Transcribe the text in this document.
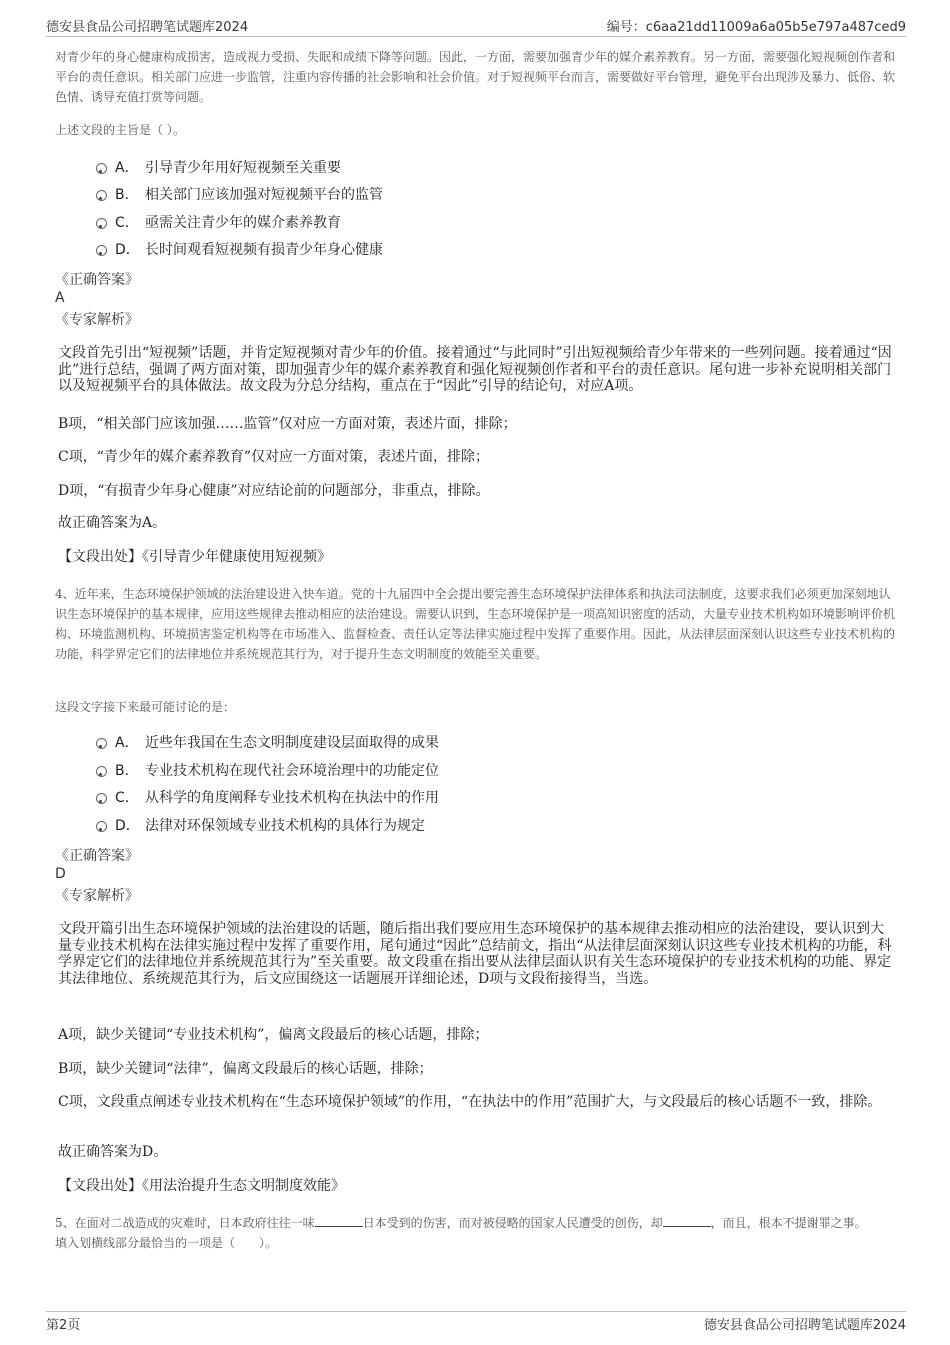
德安县食品公司招聘笔试题库2024	编号：c6aa21dd11009a6a05b5e797a487ced9

对青少年的身心健康构成损害，造成视力受损、失眠和成绩下降等问题。因此，一方面，需要加强青少年的媒介素养教育。另一方面，需要强化短视频创作者和平台的责任意识。相关部门应进一步监管，注重内容传播的社会影响和社会价值。对于短视频平台而言，需要做好平台管理，避免平台出现涉及暴力、低俗、软色情、诱导充值打赏等问题。

上述文段的主旨是（ ）。

A． 引导青少年用好短视频至关重要
B． 相关部门应该加强对短视频平台的监管
C． 亟需关注青少年的媒介素养教育
D． 长时间观看短视频有损青少年身心健康

《正确答案》

A

《专家解析》

文段首先引出“短视频”话题，并肯定短视频对青少年的价值。接着通过“与此同时”引出短视频给青少年带来的一些列问题。接着通过“因此”进行总结，强调了两方面对策，即加强青少年的媒介素养教育和强化短视频创作者和平台的责任意识。尾句进一步补充说明相关部门以及短视频平台的具体做法。故文段为分总分结构，重点在于“因此”引导的结论句，对应A项。

B项，“相关部门应该加强……监管”仅对应一方面对策，表述片面，排除；

C项，“青少年的媒介素养教育”仅对应一方面对策，表述片面，排除；

D项，“有损青少年身心健康”对应结论前的问题部分，非重点，排除。

故正确答案为A。

【文段出处】《引导青少年健康使用短视频》

4、近年来，生态环境保护领域的法治建设进入快车道。党的十九届四中全会提出要完善生态环境保护法律体系和执法司法制度，这要求我们必须更加深刻地认识生态环境保护的基本规律，应用这些规律去推动相应的法治建设。需要认识到，生态环境保护是一项高知识密度的活动，大量专业技术机构如环境影响评价机构、环境监测机构、环境损害鉴定机构等在市场准入、监督检查、责任认定等法律实施过程中发挥了重要作用。因此，从法律层面深刻认识这些专业技术机构的功能，科学界定它们的法律地位并系统规范其行为，对于提升生态文明制度的效能至关重要。

这段文字接下来最可能讨论的是：

A． 近些年我国在生态文明制度建设层面取得的成果
B． 专业技术机构在现代社会环境治理中的功能定位
C． 从科学的角度阐释专业技术机构在执法中的作用
D． 法律对环保领域专业技术机构的具体行为规定

《正确答案》

D

《专家解析》

文段开篇引出生态环境保护领域的法治建设的话题，随后指出我们要应用生态环境保护的基本规律去推动相应的法治建设，要认识到大量专业技术机构在法律实施过程中发挥了重要作用，尾句通过“因此”总结前文，指出“从法律层面深刻认识这些专业技术机构的功能，科学界定它们的法律地位并系统规范其行为”至关重要。故文段重在指出要从法律层面认识有关生态环境保护的专业技术机构的功能、界定其法律地位、系统规范其行为，后文应围绕这一话题展开详细论述，D项与文段衔接得当，当选。

A项，缺少关键词“专业技术机构”，偏离文段最后的核心话题，排除；

B项，缺少关键词“法律”，偏离文段最后的核心话题，排除；

C项，文段重点阐述专业技术机构在“生态环境保护领域”的作用，“在执法中的作用”范围扩大，与文段最后的核心话题不一致，排除。

故正确答案为D。

【文段出处】《用法治提升生态文明制度效能》

5、在面对二战造成的灾难时，日本政府往往一味	日本受到的伤害，而对被侵略的国家人民遭受的创伤，却	，而且，根本不提谢罪之事。

填入划横线部分最恰当的一项是（　　）。

第2页	德安县食品公司招聘笔试题库2024
